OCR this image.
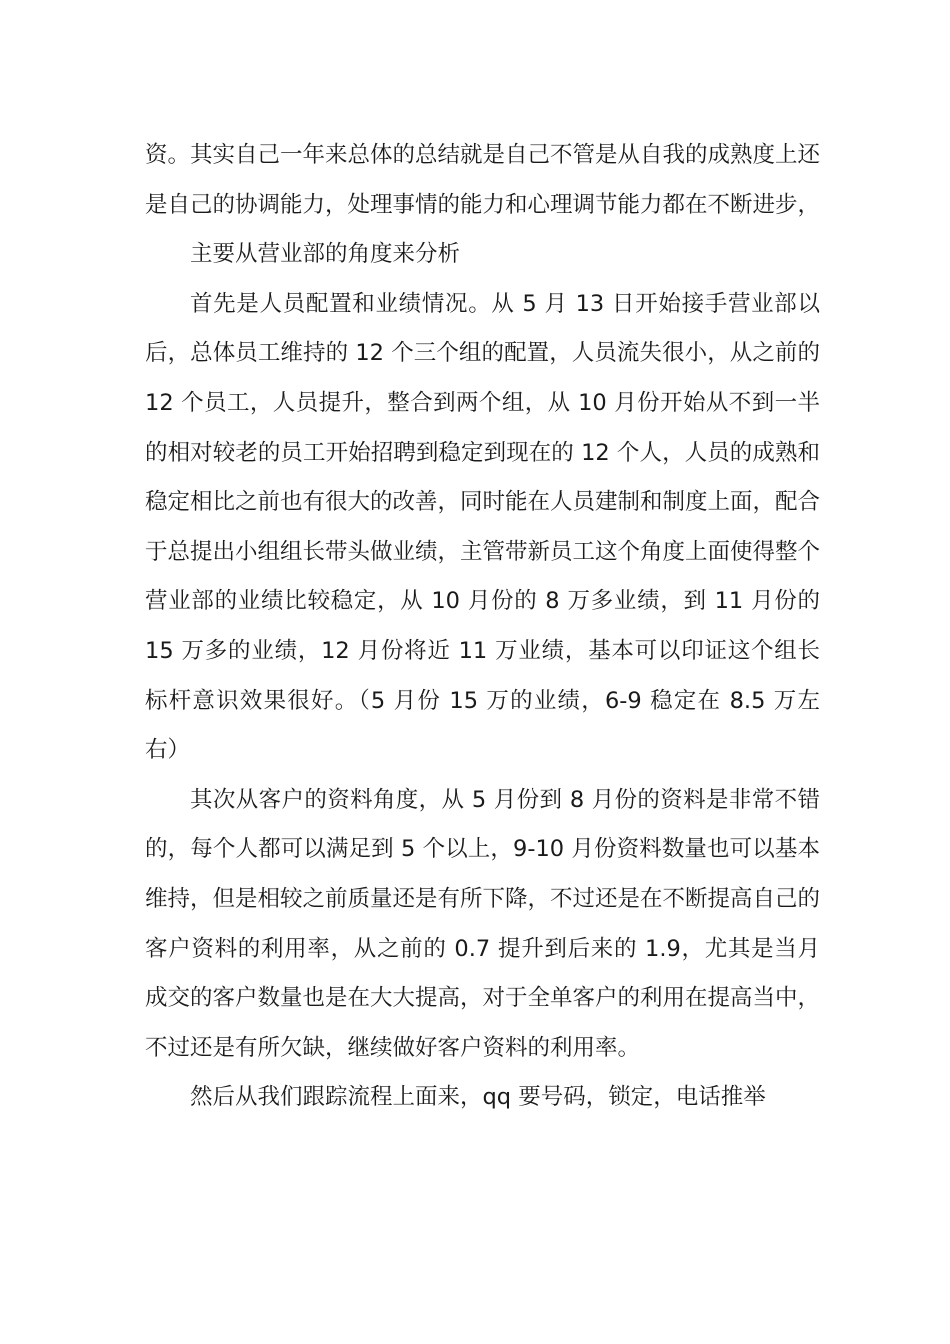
资。其实自己一年来总体的总结就是自己不管是从自我的成熟度上还是自己的协调能力，处理事情的能力和心理调节能力都在不断进步，

主要从营业部的角度来分析

首先是人员配置和业绩情况。从 5 月 13 日开始接手营业部以后，总体员工维持的 12 个三个组的配置，人员流失很小，从之前的 12 个员工，人员提升，整合到两个组，从 10 月份开始从不到一半的相对较老的员工开始招聘到稳定到现在的 12 个人，人员的成熟和稳定相比之前也有很大的改善，同时能在人员建制和制度上面，配合于总提出小组组长带头做业绩，主管带新员工这个角度上面使得整个营业部的业绩比较稳定，从 10 月份的 8 万多业绩，到 11 月份的 15 万多的业绩，12 月份将近 11 万业绩，基本可以印证这个组长标杆意识效果很好。（5 月份 15 万的业绩，6-9 稳定在 8.5 万左右）

其次从客户的资料角度，从 5 月份到 8 月份的资料是非常不错的，每个人都可以满足到 5 个以上，9-10 月份资料数量也可以基本维持，但是相较之前质量还是有所下降，不过还是在不断提高自己的客户资料的利用率，从之前的 0.7 提升到后来的 1.9，尤其是当月成交的客户数量也是在大大提高，对于全单客户的利用在提高当中，不过还是有所欠缺，继续做好客户资料的利用率。

然后从我们跟踪流程上面来，qq 要号码，锁定，电话推举
